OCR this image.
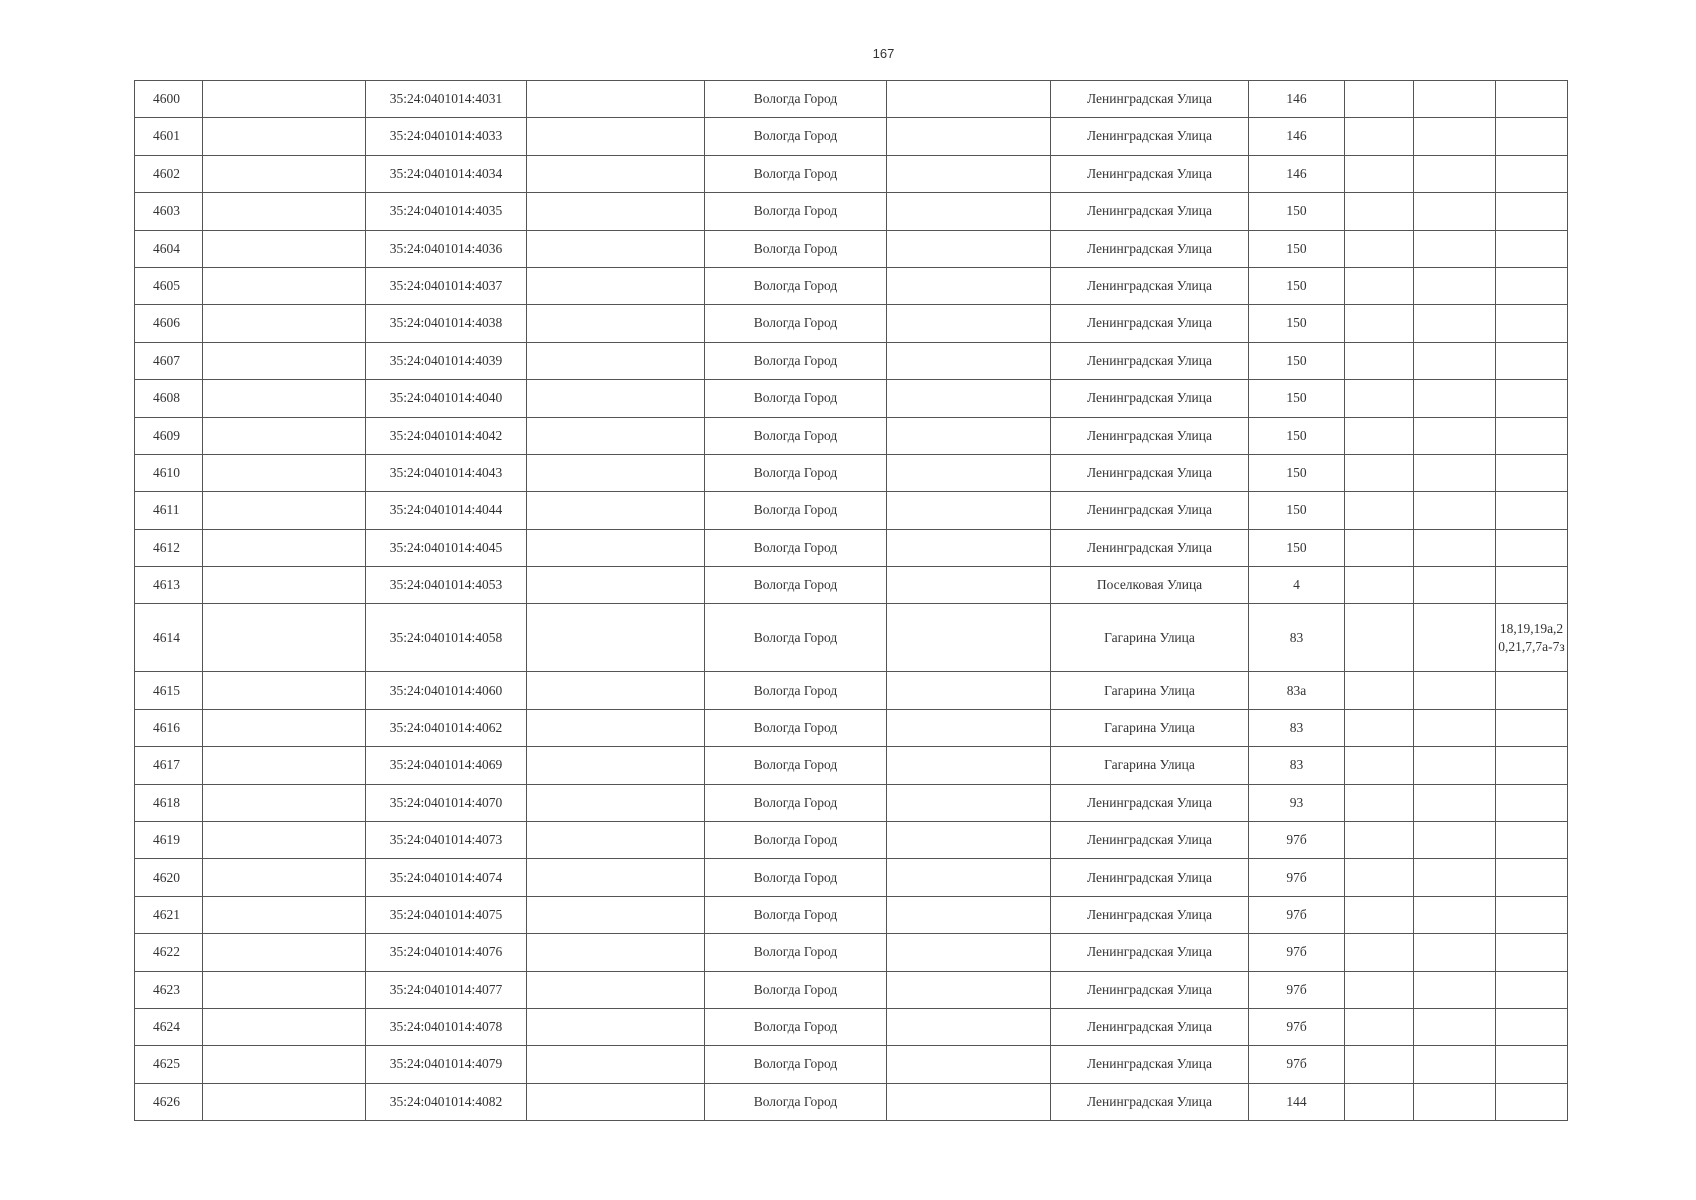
167
4600		35:24:0401014:4031		Вологда Город		Ленинградская Улица	146			
4601		35:24:0401014:4033		Вологда Город		Ленинградская Улица	146			
4602		35:24:0401014:4034		Вологда Город		Ленинградская Улица	146			
4603		35:24:0401014:4035		Вологда Город		Ленинградская Улица	150			
4604		35:24:0401014:4036		Вологда Город		Ленинградская Улица	150			
4605		35:24:0401014:4037		Вологда Город		Ленинградская Улица	150			
4606		35:24:0401014:4038		Вологда Город		Ленинградская Улица	150			
4607		35:24:0401014:4039		Вологда Город		Ленинградская Улица	150			
4608		35:24:0401014:4040		Вологда Город		Ленинградская Улица	150			
4609		35:24:0401014:4042		Вологда Город		Ленинградская Улица	150			
4610		35:24:0401014:4043		Вологда Город		Ленинградская Улица	150			
4611		35:24:0401014:4044		Вологда Город		Ленинградская Улица	150			
4612		35:24:0401014:4045		Вологда Город		Ленинградская Улица	150			
4613		35:24:0401014:4053		Вологда Город		Поселковая Улица	4			
4614		35:24:0401014:4058		Вологда Город		Гагарина Улица	83			18,19,19а,20,21,7,7а-7з
4615		35:24:0401014:4060		Вологда Город		Гагарина Улица	83а			
4616		35:24:0401014:4062		Вологда Город		Гагарина Улица	83			
4617		35:24:0401014:4069		Вологда Город		Гагарина Улица	83			
4618		35:24:0401014:4070		Вологда Город		Ленинградская Улица	93			
4619		35:24:0401014:4073		Вологда Город		Ленинградская Улица	97б			
4620		35:24:0401014:4074		Вологда Город		Ленинградская Улица	97б			
4621		35:24:0401014:4075		Вологда Город		Ленинградская Улица	97б			
4622		35:24:0401014:4076		Вологда Город		Ленинградская Улица	97б			
4623		35:24:0401014:4077		Вологда Город		Ленинградская Улица	97б			
4624		35:24:0401014:4078		Вологда Город		Ленинградская Улица	97б			
4625		35:24:0401014:4079		Вологда Город		Ленинградская Улица	97б			
4626		35:24:0401014:4082		Вологда Город		Ленинградская Улица	144			
